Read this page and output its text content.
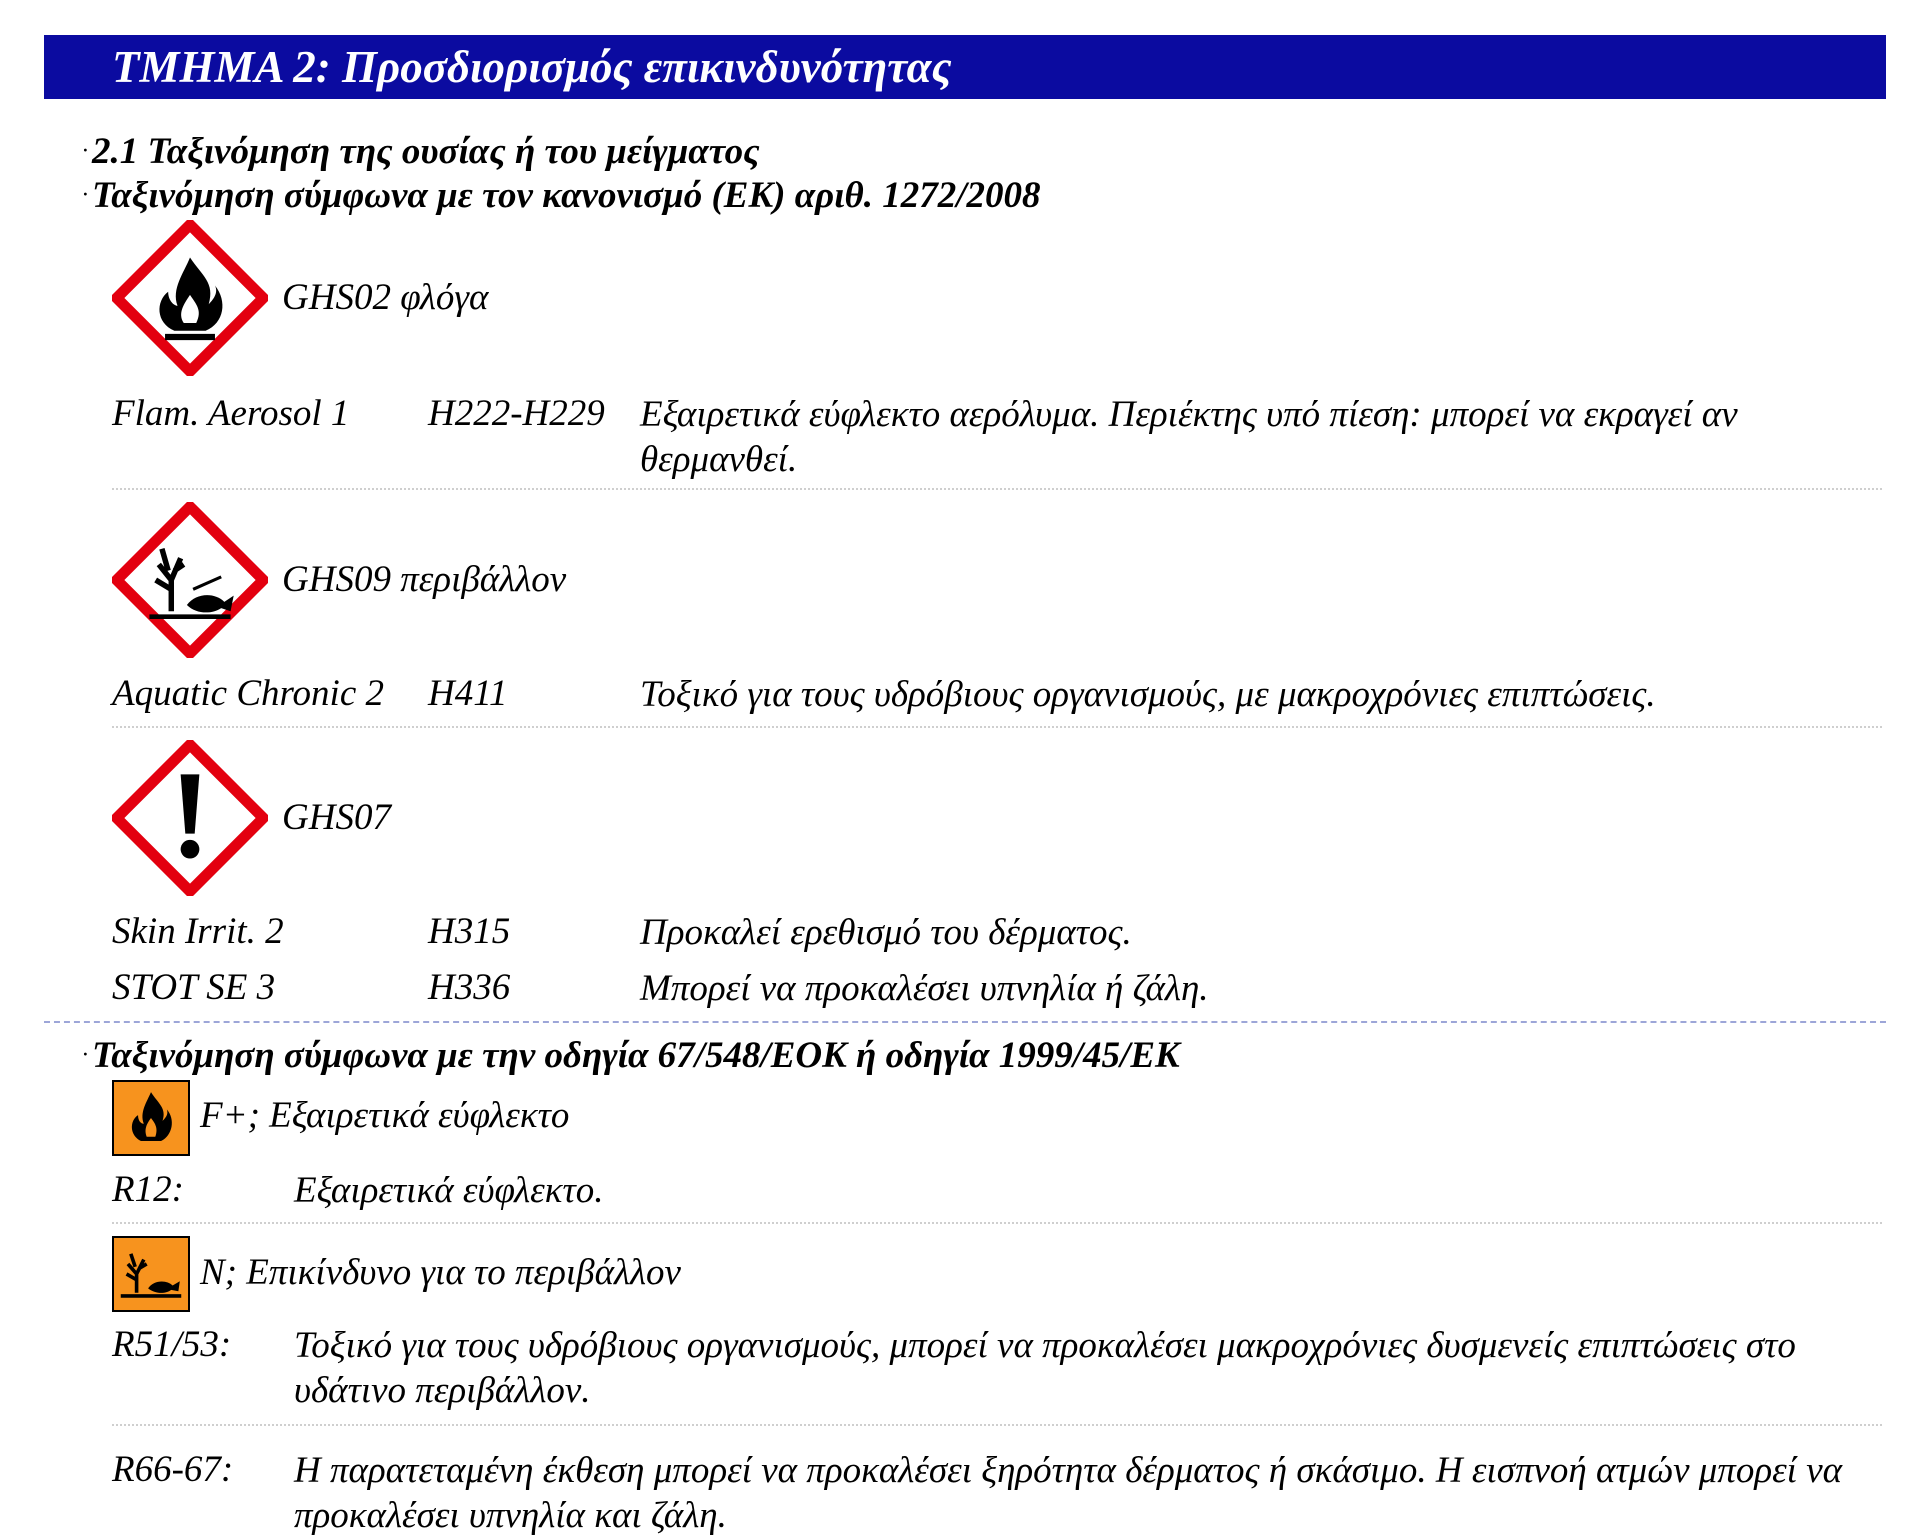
ΤΜΗΜΑ 2: Προσδιορισμός επικινδυνότητας
· 2.1 Ταξινόμηση της ουσίας ή του μείγματος
· Ταξινόμηση σύμφωνα με τον κανονισμό (ΕΚ) αριθ. 1272/2008
GHS02 φλόγα
Flam. Aerosol 1 H222-H229 Εξαιρετικά εύφλεκτο αερόλυμα. Περιέκτης υπό πίεση: μπορεί να εκραγεί αν θερμανθεί.
GHS09 περιβάλλον
Aquatic Chronic 2 H411	Τοξικό για τους υδρόβιους οργανισμούς, με μακροχρόνιες επιπτώσεις.
GHS07
Skin Irrit. 2	H315	Προκαλεί ερεθισμό του δέρματος.
STOT SE 3	H336	Μπορεί να προκαλέσει υπνηλία ή ζάλη.
· Ταξινόμηση σύμφωνα με την οδηγία 67/548/ΕΟΚ ή οδηγία 1999/45/ΕΚ
F+; Εξαιρετικά εύφλεκτο
R12:	Εξαιρετικά εύφλεκτο.
N; Επικίνδυνο για το περιβάλλον
R51/53: Τοξικό για τους υδρόβιους οργανισμούς, μπορεί να προκαλέσει μακροχρόνιες δυσμενείς επιπτώσεις στο υδάτινο περιβάλλον.
R66-67: Η παρατεταμένη έκθεση μπορεί να προκαλέσει ξηρότητα δέρματος ή σκάσιμο. Η εισπνοή ατμών μπορεί να προκαλέσει υπνηλία και ζάλη.
